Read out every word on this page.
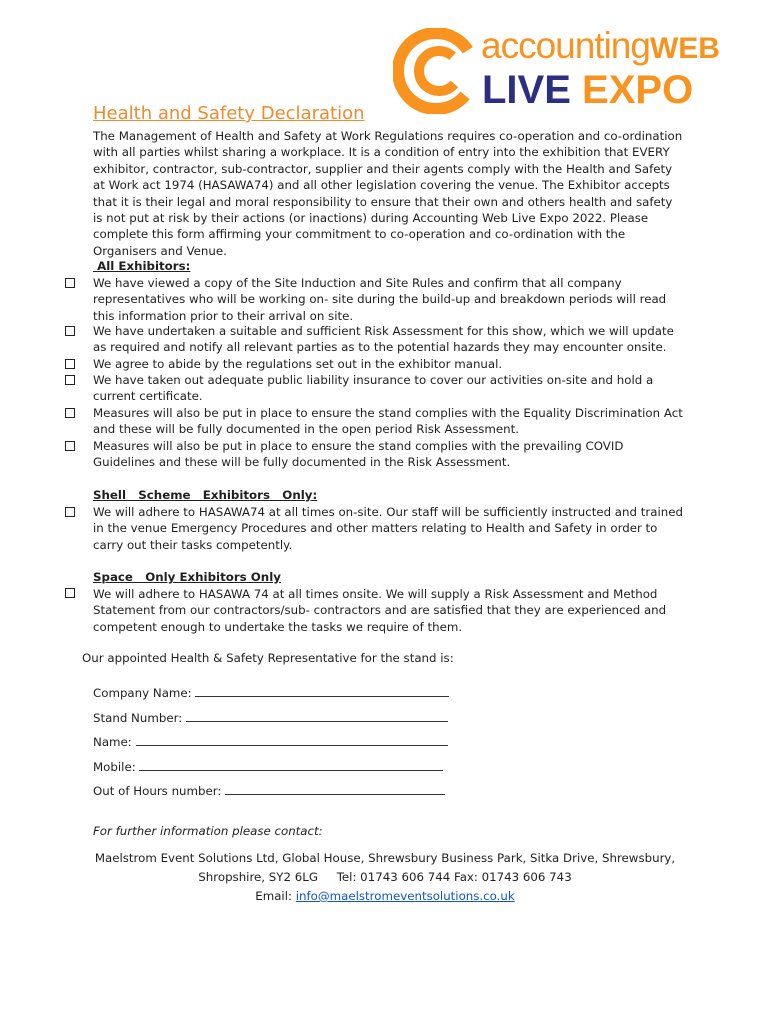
accountingWEB
LIVE EXPO
Health and Safety Declaration
The Management of Health and Safety at Work Regulations requires co-operation and co-ordination with all parties whilst sharing a workplace. It is a condition of entry into the exhibition that EVERY exhibitor, contractor, sub-contractor, supplier and their agents comply with the Health and Safety at Work act 1974 (HASAWA74) and all other legislation covering the venue. The Exhibitor accepts that it is their legal and moral responsibility to ensure that their own and others health and safety is not put at risk by their actions (or inactions) during Accounting Web Live Expo 2022. Please complete this form affirming your commitment to co-operation and co-ordination with the Organisers and Venue.
All Exhibitors:
We have viewed a copy of the Site Induction and Site Rules and confirm that all company representatives who will be working on- site during the build-up and breakdown periods will read this information prior to their arrival on site.
We have undertaken a suitable and sufficient Risk Assessment for this show, which we will update as required and notify all relevant parties as to the potential hazards they may encounter onsite.
We agree to abide by the regulations set out in the exhibitor manual.
We have taken out adequate public liability insurance to cover our activities on-site and hold a current certificate.
Measures will also be put in place to ensure the stand complies with the Equality Discrimination Act and these will be fully documented in the open period Risk Assessment.
Measures will also be put in place to ensure the stand complies with the prevailing COVID Guidelines and these will be fully documented in the Risk Assessment.
Shell   Scheme   Exhibitors   Only:
We will adhere to HASAWA74 at all times on-site. Our staff will be sufficiently instructed and trained in the venue Emergency Procedures and other matters relating to Health and Safety in order to carry out their tasks competently.
Space   Only Exhibitors Only
We will adhere to HASAWA 74 at all times onsite. We will supply a Risk Assessment and Method Statement from our contractors/sub- contractors and are satisfied that they are experienced and competent enough to undertake the tasks we require of them.
Our appointed Health & Safety Representative for the stand is:
Company Name:
Stand Number:
Name:
Mobile:
Out of Hours number:
For further information please contact:
Maelstrom Event Solutions Ltd, Global House, Shrewsbury Business Park, Sitka Drive, Shrewsbury,
Shropshire, SY2 6LG     Tel: 01743 606 744 Fax: 01743 606 743
Email: info@maelstromeventsolutions.co.uk
